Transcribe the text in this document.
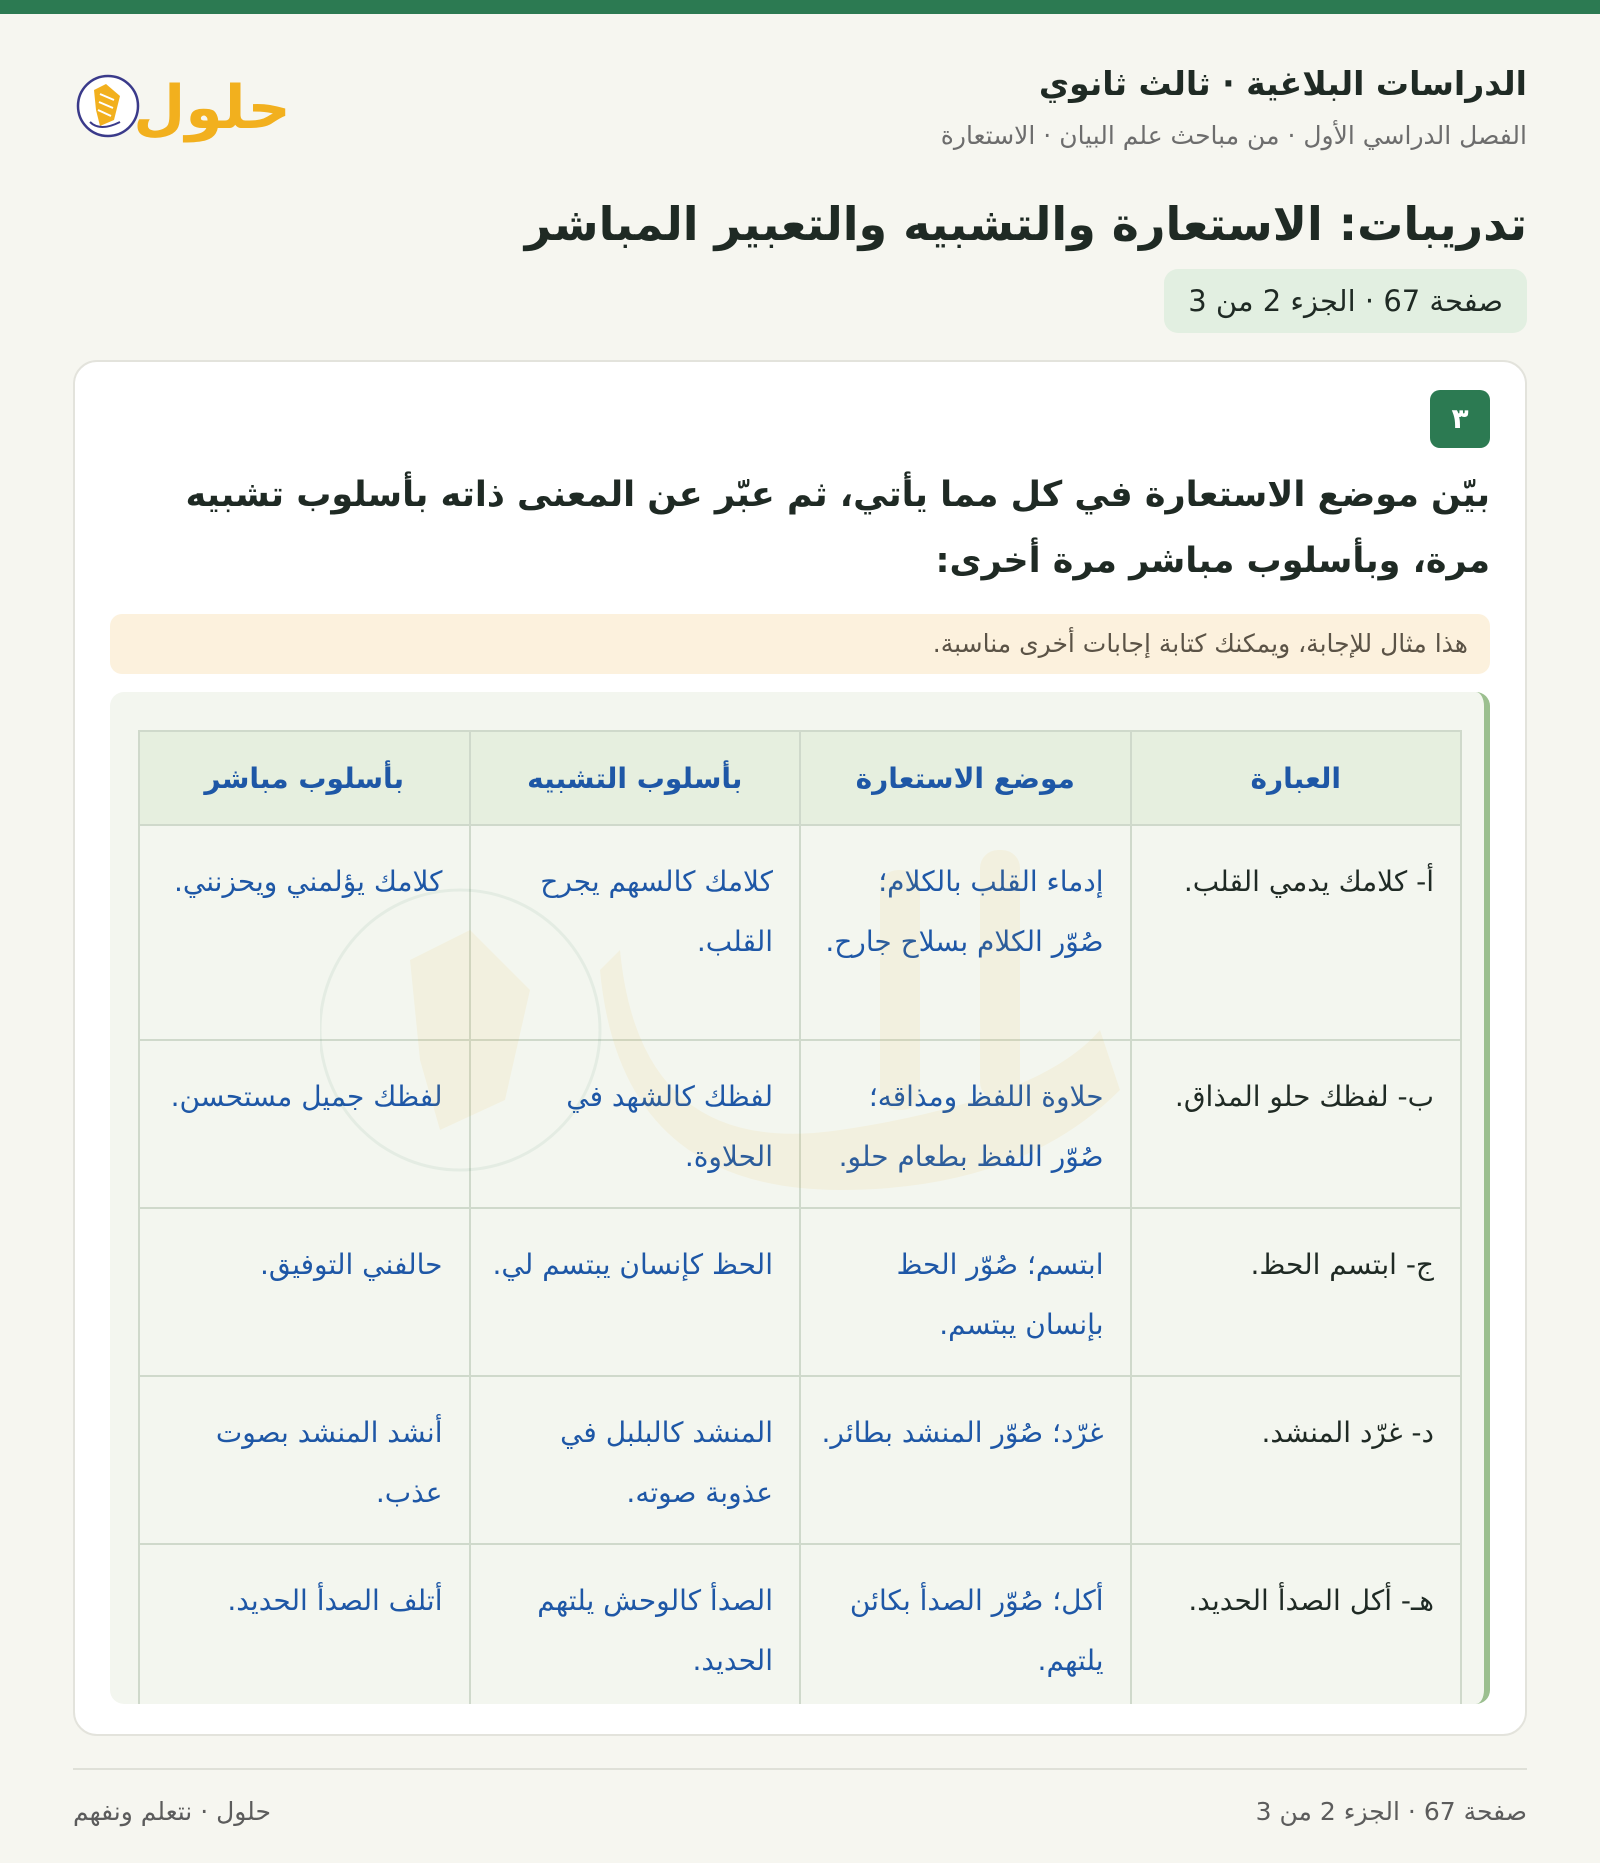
الدراسات البلاغية · ثالث ثانوي
الفصل الدراسي الأول · من مباحث علم البيان · الاستعارة
حلول
تدريبات: الاستعارة والتشبيه والتعبير المباشر
صفحة 67 · الجزء 2 من 3
٣
بيّن موضع الاستعارة في كل مما يأتي، ثم عبّر عن المعنى ذاته بأسلوب تشبيه مرة، وبأسلوب مباشر مرة أخرى:
هذا مثال للإجابة، ويمكنك كتابة إجابات أخرى مناسبة.
العبارة	موضع الاستعارة	بأسلوب التشبيه	بأسلوب مباشر
أ- كلامك يدمي القلب.	إدماء القلب بالكلام؛ صُوّر الكلام بسلاح جارح.	كلامك كالسهم يجرح القلب.	كلامك يؤلمني ويحزنني.
ب- لفظك حلو المذاق.	حلاوة اللفظ ومذاقه؛ صُوّر اللفظ بطعام حلو.	لفظك كالشهد في الحلاوة.	لفظك جميل مستحسن.
ج- ابتسم الحظ.	ابتسم؛ صُوّر الحظ بإنسان يبتسم.	الحظ كإنسان يبتسم لي.	حالفني التوفيق.
د- غرّد المنشد.	غرّد؛ صُوّر المنشد بطائر.	المنشد كالبلبل في عذوبة صوته.	أنشد المنشد بصوت عذب.
هـ- أكل الصدأ الحديد.	أكل؛ صُوّر الصدأ بكائن يلتهم.	الصدأ كالوحش يلتهم الحديد.	أتلف الصدأ الحديد.
صفحة 67 · الجزء 2 من 3
حلول · نتعلم ونفهم
